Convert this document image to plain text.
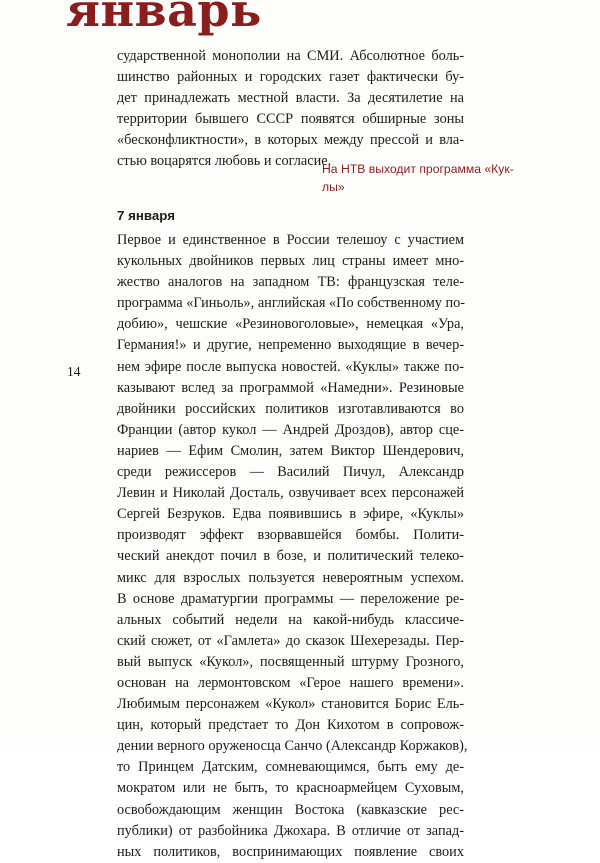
январь
сударственной монополии на СМИ. Абсолютное боль-
шинство районных и городских газет фактически бу-
дет принадлежать местной власти. За десятилетие на
территории бывшего СССР появятся обширные зоны
«бесконфликтности», в которых между прессой и вла-
стью воцарятся любовь и согласие.

На НТВ выходит программа «Кук-
лы»

7 января

Первое и единственное в России телешоу с участием
кукольных двойников первых лиц страны имеет мно-
жество аналогов на западном ТВ: французская теле-
программа «Гиньоль», английская «По собственному по-
добию», чешские «Резиновоголовые», немецкая «Ура,
Германия!» и другие, непременно выходящие в вечер-
нем эфире после выпуска новостей. «Куклы» также по-
казывают вслед за программой «Намедни». Резиновые
двойники российских политиков изготавливаются во
Франции (автор кукол — Андрей Дроздов), автор сце-
нариев — Ефим Смолин, затем Виктор Шендерович,
среди режиссеров — Василий Пичул, Александр
Левин и Николай Досталь, озвучивает всех персонажей
Сергей Безруков. Едва появившись в эфире, «Куклы»
производят эффект взорвавшейся бомбы. Полити-
ческий анекдот почил в бозе, и политический телеко-
микс для взрослых пользуется невероятным успехом.
В основе драматургии программы — переложение ре-
альных событий недели на какой-нибудь классиче-
ский сюжет, от «Гамлета» до сказок Шехерезады. Пер-
вый выпуск «Кукол», посвященный штурму Грозного,
основан на лермонтовском «Герое нашего времени».
Любимым персонажем «Кукол» становится Борис Ель-
цин, который предстает то Дон Кихотом в сопровож-
дении верного оруженосца Санчо (Александр Коржаков),
то Принцем Датским, сомневающимся, быть ему де-
мократом или не быть, то красноармейцем Суховым,
освобождающим женщин Востока (кавказские рес-
публики) от разбойника Джохара. В отличие от запад-
ных политиков, воспринимающих появление своих

14
